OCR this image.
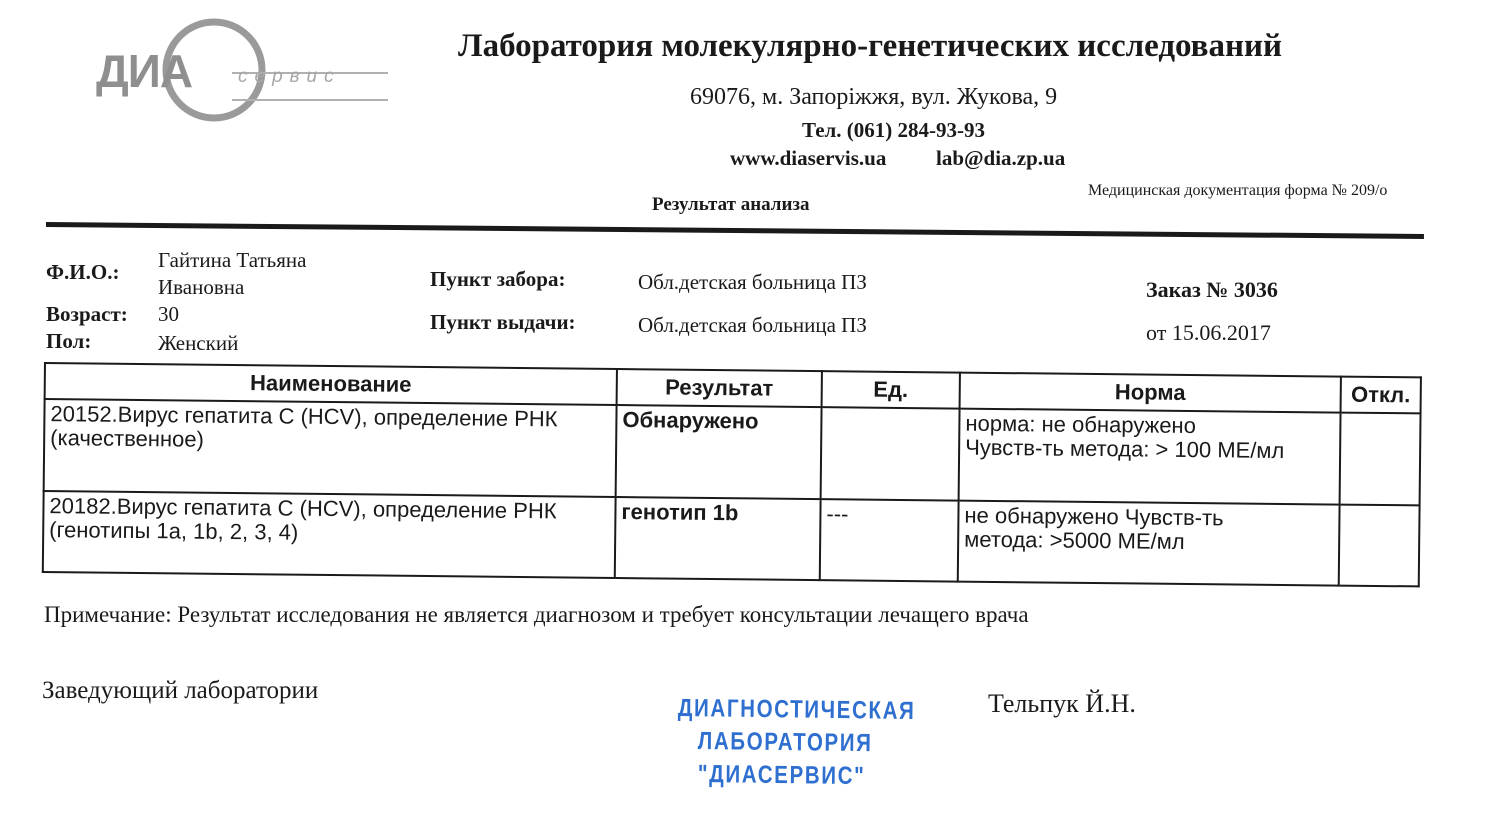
ДИА сервис
Лаборатория молекулярно-генетических исследований
69076, м. Запоріжжя, вул. Жукова, 9
Тел. (061) 284-93-93
www.diaservis.ua lab@dia.zp.ua
Медицинская документация форма № 209/о
Результат анализа
Ф.И.О.: Гайтина Татьяна
Ивановна
Возраст: 30
Пол:	Женский
Пункт забора:	Обл.детская больница ПЗ
Пункт выдачи:	Обл.детская больница ПЗ
Заказ № 3036
от 15.06.2017
Наименование	Результат	Ед.	Норма	Откл.
20152.Вирус гепатита С (HCV), определение РНК (качественное)	Обнаружено		норма: не обнаружено
Чувств-ть метода: > 100 МЕ/мл	

20182.Вирус гепатита С (HCV), определение РНК (генотипы 1а, 1b, 2, 3, 4)	генотип 1b	---	не обнаружено Чувств-ть
метода: >5000 МЕ/мл	

Примечание: Результат исследования не является диагнозом и требует консультации лечащего врача
Заведующий лаборатории
ДИАГНОСТИЧЕСКАЯ
ЛАБОРАТОРИЯ
"ДИАСЕРВИС"
Тельпук Й.Н.
